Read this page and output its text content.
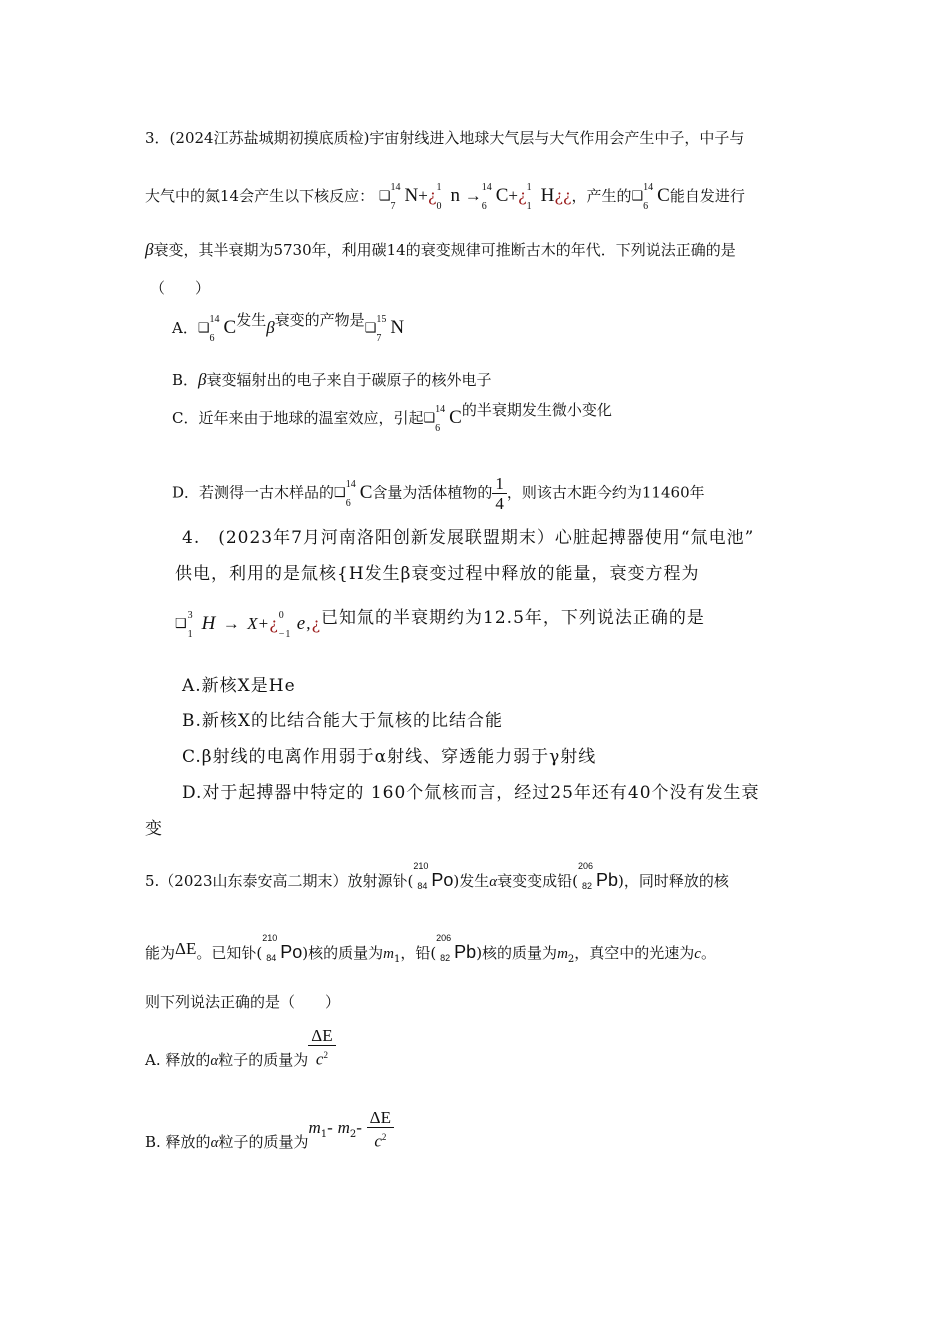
3．(2024江苏盐城期初摸底质检)宇宙射线进入地球大气层与大气作用会产生中子，中子与
大气中的氮14会产生以下核反应： ❑
14
7
N+¿ 1
0
n → 14
6
C+¿ 1
1
H¿¿，产生的❑
14
6
C能自发进行
β衰变，其半衰期为5730年，利用碳14的衰变规律可推断古木的年代．下列说法正确的是
（　　）
A．❑
14
6
C发生β衰变的产物是❑
15
7
N
B．β衰变辐射出的电子来自于碳原子的核外电子
C．近年来由于地球的温室效应，引起❑
14
6
C的半衰期发生微小变化
D．若测得一古木样品的❑
14
6
C含量为活体植物的 $\frac{1}{4}$ ，则该古木距今约为11460年
4.　(2023年7月河南洛阳创新发展联盟期末）心脏起搏器使用“氚电池”
供电，利用的是氚核{H发生β衰变过程中释放的能量，衰变方程为
❑
3
1
H → X+¿ 0
−1
e,¿已知氚的半衰期约为12.5年，下列说法正确的是
A.新核X是He
B.新核X的比结合能大于氚核的比结合能
C.β射线的电离作用弱于α射线、穿透能力弱于γ射线
D.对于起搏器中特定的 160个氚核而言，经过25年还有40个没有发生衰
变
5.（2023山东泰安高二期末）放射源钋(
210
84 Po)发生α衰变变成铅(
206
82 Pb)，同时释放的核
能为ΔE。已知钋(
210
84 Po)核的质量为$m_1$，铅(
206
82 Pb)核的质量为$m_2$，真空中的光速为c。
则下列说法正确的是（　　）
A. 释放的α粒子的质量为 $\frac{\Delta E}{c^2}$
B. 释放的α粒子的质量为$m_1-$ $m_2- \frac{\Delta E}{c^2}$
